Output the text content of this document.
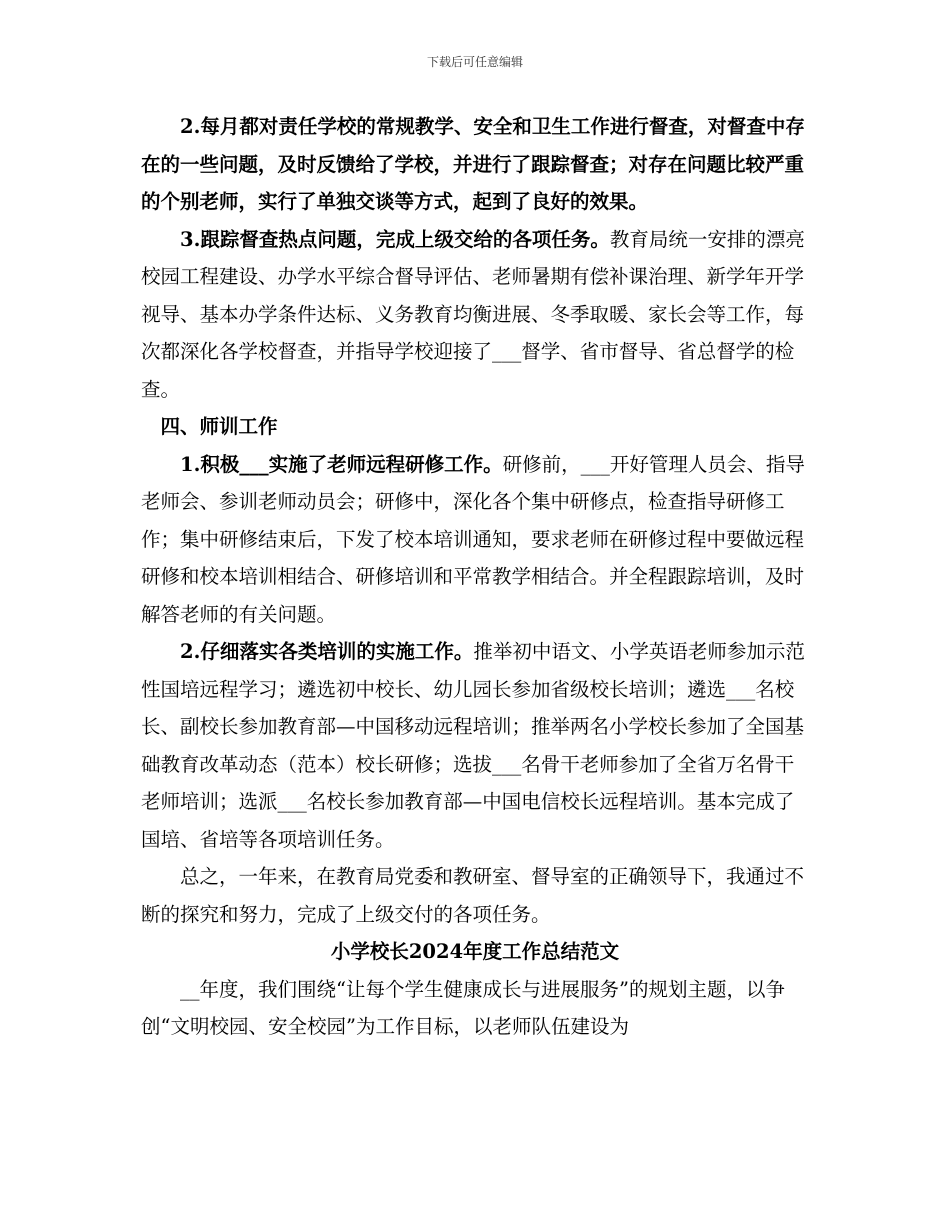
下载后可任意编辑

2.每月都对责任学校的常规教学、安全和卫生工作进行督查，对督查中存在的一些问题，及时反馈给了学校，并进行了跟踪督查；对存在问题比较严重的个别老师，实行了单独交谈等方式，起到了良好的效果。

3.跟踪督查热点问题，完成上级交给的各项任务。教育局统一安排的漂亮校园工程建设、办学水平综合督导评估、老师暑期有偿补课治理、新学年开学视导、基本办学条件达标、义务教育均衡进展、冬季取暖、家长会等工作，每次都深化各学校督查，并指导学校迎接了___督学、省市督导、省总督学的检查。

四、师训工作

1.积极___实施了老师远程研修工作。研修前，___开好管理人员会、指导老师会、参训老师动员会；研修中，深化各个集中研修点，检查指导研修工作；集中研修结束后，下发了校本培训通知，要求老师在研修过程中要做远程研修和校本培训相结合、研修培训和平常教学相结合。并全程跟踪培训，及时解答老师的有关问题。

2.仔细落实各类培训的实施工作。推举初中语文、小学英语老师参加示范性国培远程学习；遴选初中校长、幼儿园长参加省级校长培训；遴选___名校长、副校长参加教育部—中国移动远程培训；推举两名小学校长参加了全国基础教育改革动态（范本）校长研修；选拔___名骨干老师参加了全省万名骨干老师培训；选派___名校长参加教育部—中国电信校长远程培训。基本完成了国培、省培等各项培训任务。

总之，一年来，在教育局党委和教研室、督导室的正确领导下，我通过不断的探究和努力，完成了上级交付的各项任务。

小学校长2024年度工作总结范文

__年度，我们围绕“让每个学生健康成长与进展服务”的规划主题，以争创“文明校园、安全校园”为工作目标，以老师队伍建设为
